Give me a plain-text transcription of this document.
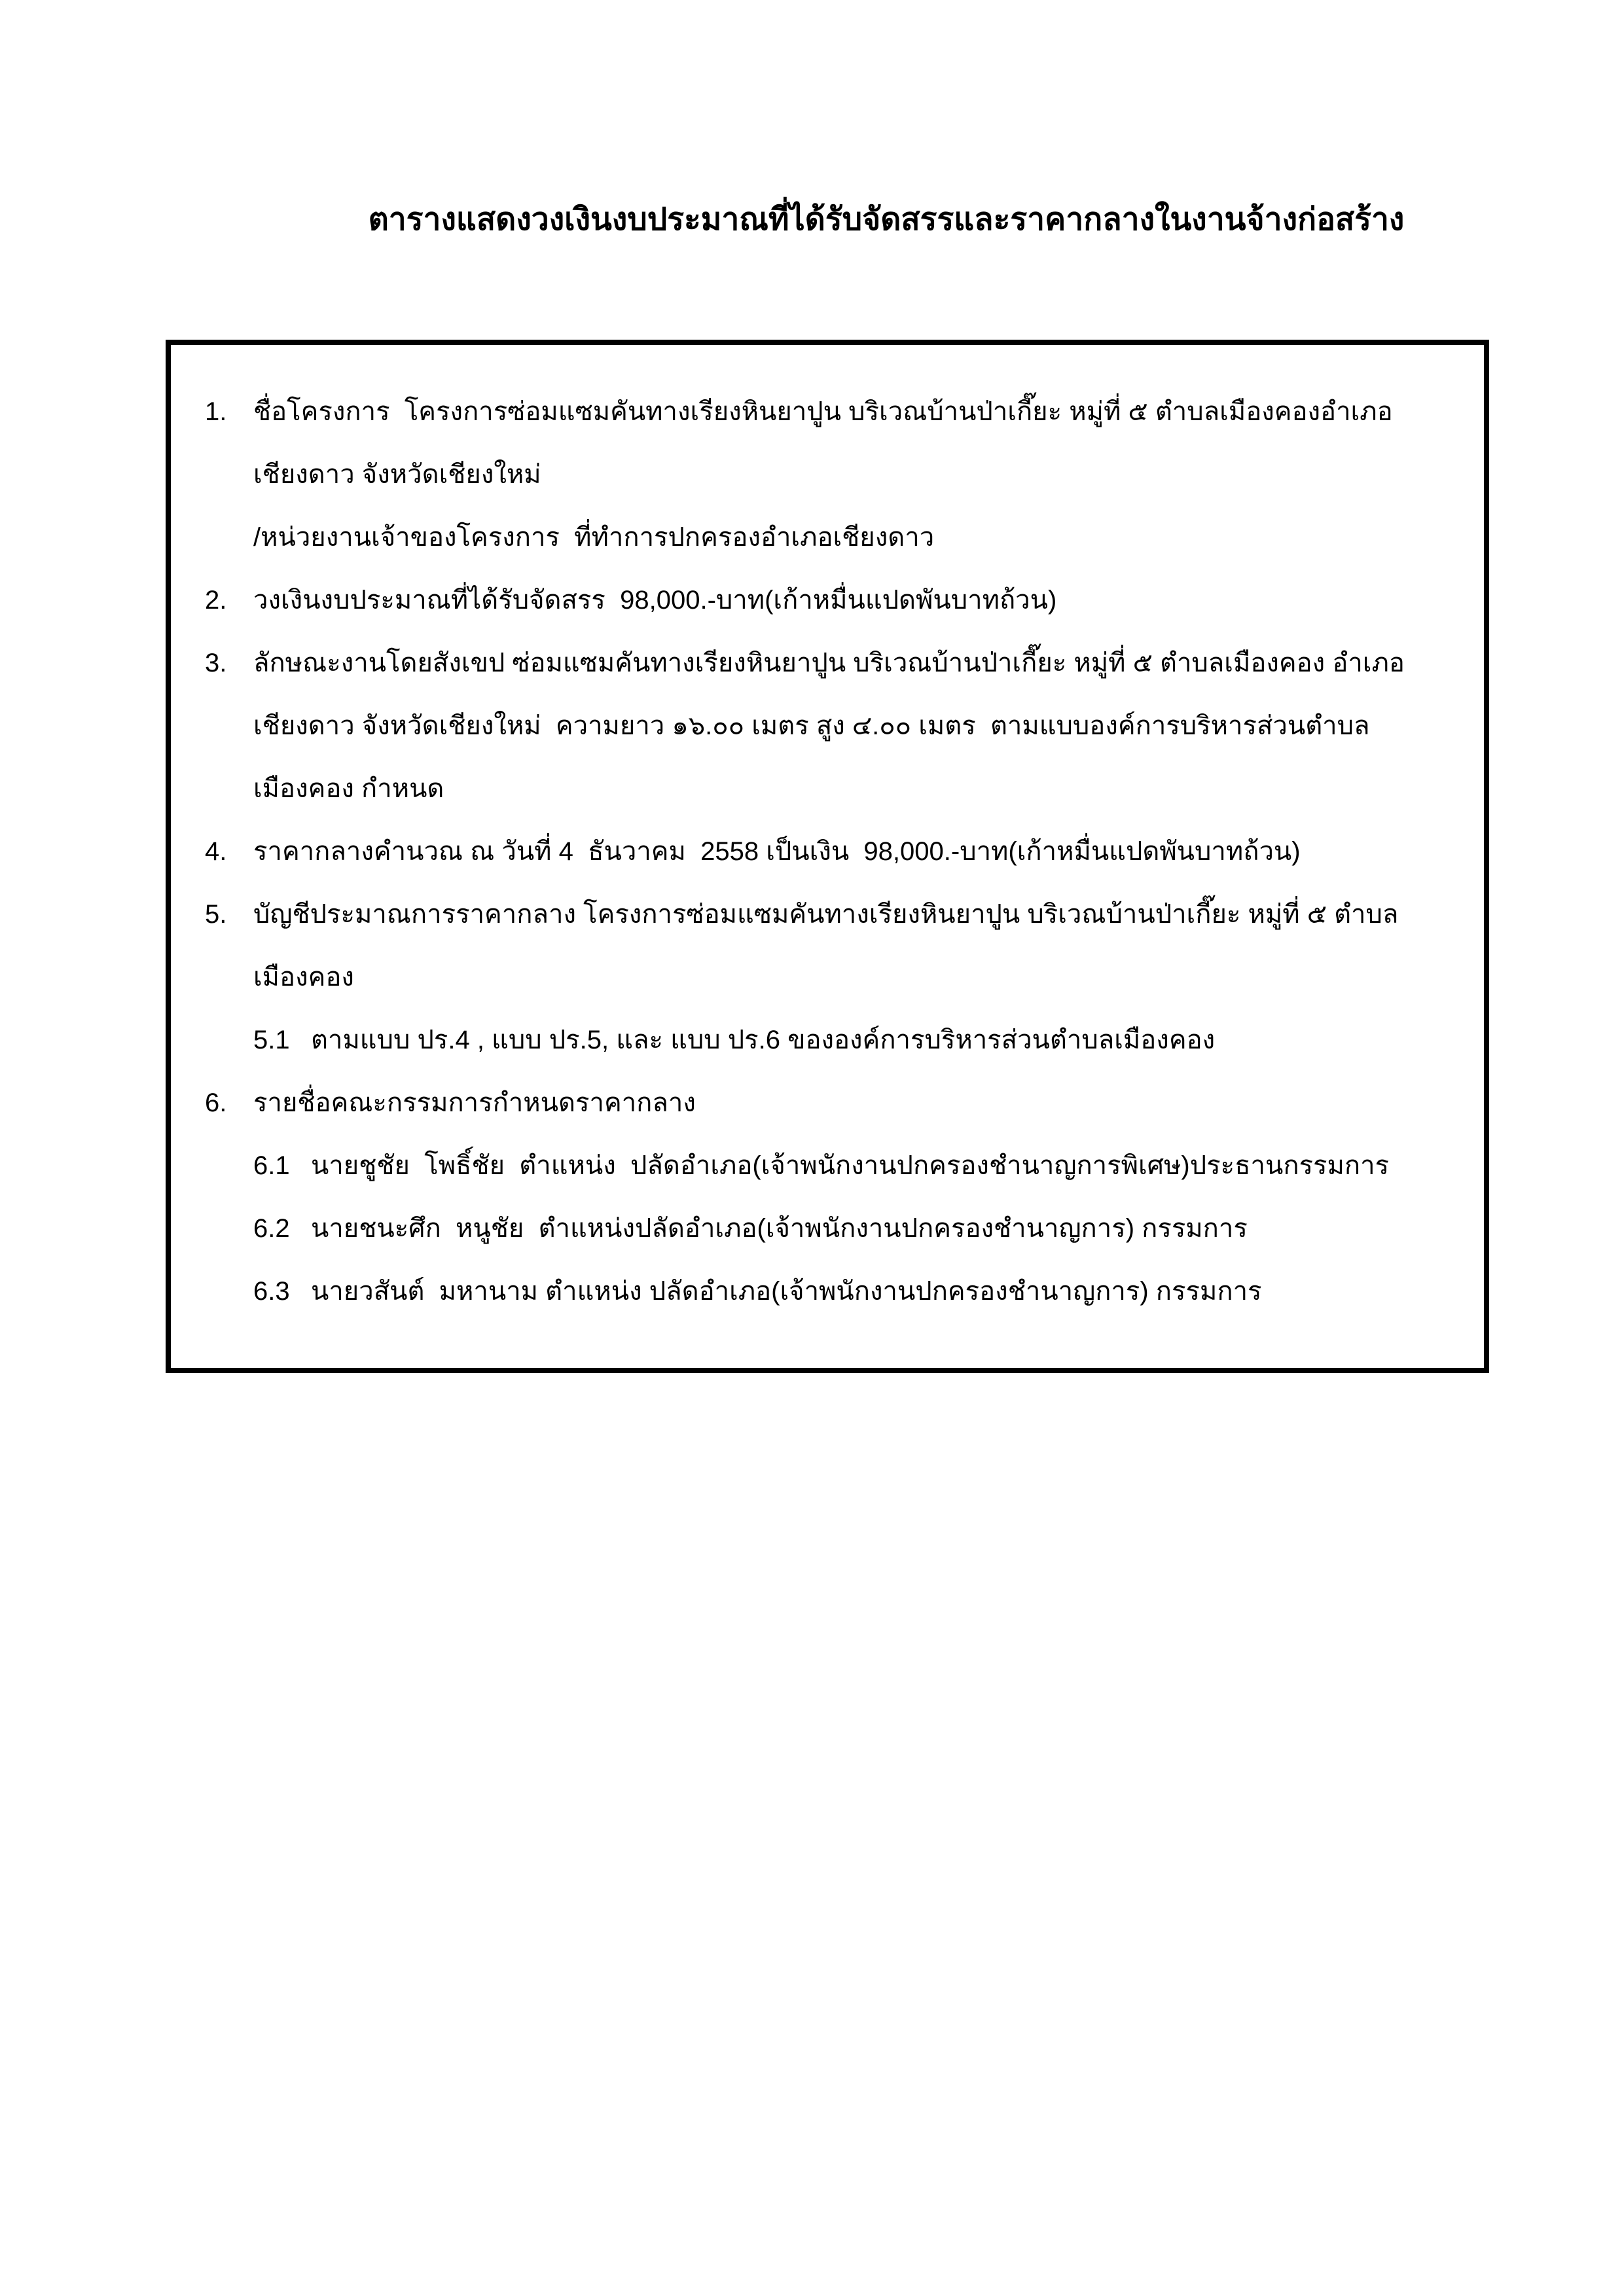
ตารางแสดงวงเงินงบประมาณที่ได้รับจัดสรรและราคากลางในงานจ้างก่อสร้าง
1. ชื่อโครงการ  โครงการซ่อมแซมคันทางเรียงหินยาปูน บริเวณบ้านป่าเกี๊ยะ หมู่ที่ ๕ ตำบลเมืองคองอำเภอ
เชียงดาว จังหวัดเชียงใหม่
/หน่วยงานเจ้าของโครงการ  ที่ทำการปกครองอำเภอเชียงดาว
2. วงเงินงบประมาณที่ได้รับจัดสรร  98,000.-บาท(เก้าหมื่นแปดพันบาทถ้วน)
3. ลักษณะงานโดยสังเขป ซ่อมแซมคันทางเรียงหินยาปูน บริเวณบ้านป่าเกี๊ยะ หมู่ที่ ๕ ตำบลเมืองคอง อำเภอ
เชียงดาว จังหวัดเชียงใหม่  ความยาว ๑๖.๐๐ เมตร สูง ๔.๐๐ เมตร  ตามแบบองค์การบริหารส่วนตำบล
เมืองคอง กำหนด
4. ราคากลางคำนวณ ณ วันที่ 4  ธันวาคม  2558 เป็นเงิน  98,000.-บาท(เก้าหมื่นแปดพันบาทถ้วน)
5. บัญชีประมาณการราคากลาง โครงการซ่อมแซมคันทางเรียงหินยาปูน บริเวณบ้านป่าเกี๊ยะ หมู่ที่ ๕ ตำบล
เมืองคอง
5.1 ตามแบบ ปร.4 , แบบ ปร.5, และ แบบ ปร.6 ขององค์การบริหารส่วนตำบลเมืองคอง
6. รายชื่อคณะกรรมการกำหนดราคากลาง
6.1 นายชูชัย  โพธิ์ชัย  ตำแหน่ง  ปลัดอำเภอ(เจ้าพนักงานปกครองชำนาญการพิเศษ)ประธานกรรมการ
6.2 นายชนะศึก  หนูชัย  ตำแหน่งปลัดอำเภอ(เจ้าพนักงานปกครองชำนาญการ) กรรมการ
6.3 นายวสันต์  มหานาม ตำแหน่ง ปลัดอำเภอ(เจ้าพนักงานปกครองชำนาญการ) กรรมการ
